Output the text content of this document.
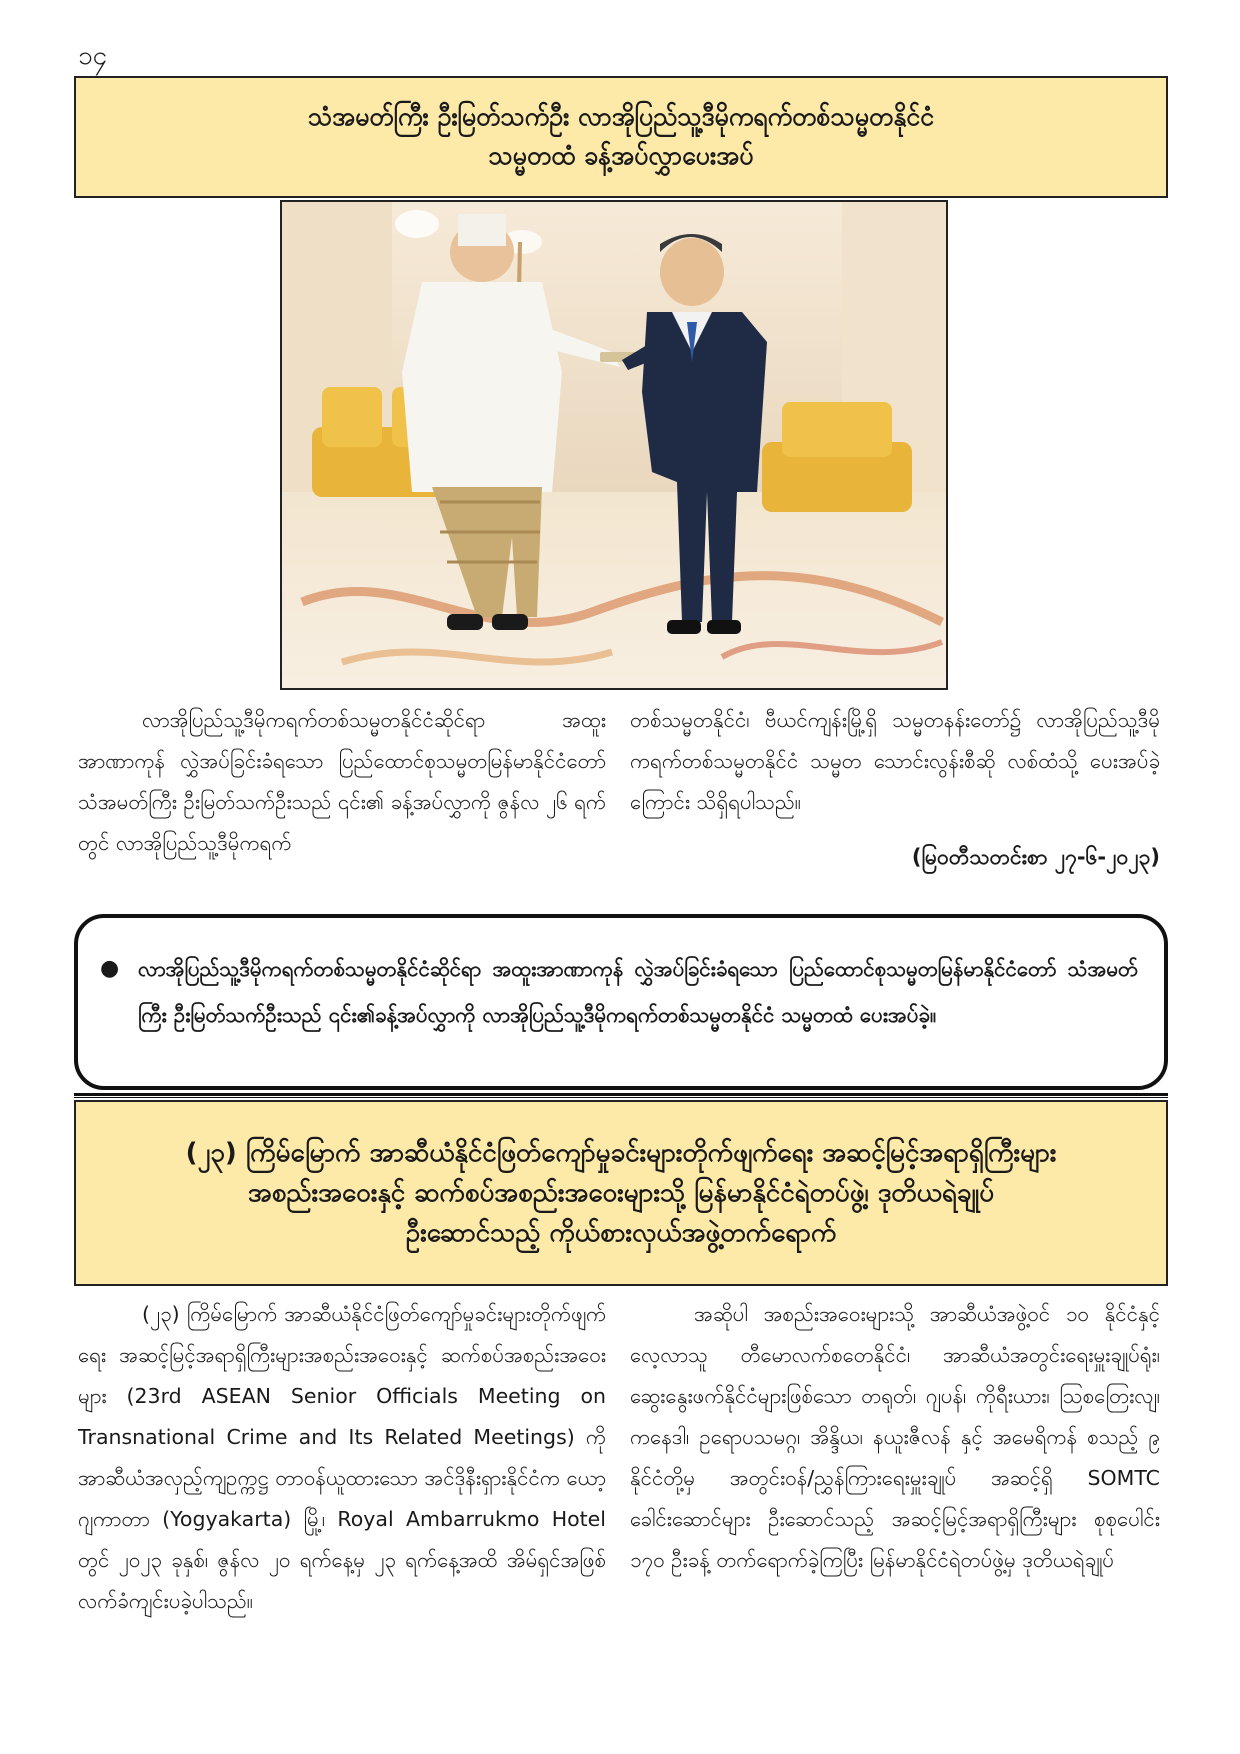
၁၄
သံအမတ်ကြီး ဦးမြတ်သက်ဦး လာအိုပြည်သူ့ဒီမိုကရက်တစ်သမ္မတနိုင်ငံ
သမ္မတထံ ခန့်အပ်လွှာပေးအပ်

လာအိုပြည်သူ့ဒီမိုကရက်တစ်သမ္မတနိုင်ငံဆိုင်ရာ အထူးအာဏာကုန် လွှဲအပ်ခြင်းခံရသော ပြည်ထောင်စုသမ္မတမြန်မာနိုင်ငံတော် သံအမတ်ကြီး ဦးမြတ်သက်ဦးသည် ၎င်း၏ ခန့်အပ်လွှာကို ဇွန်လ ၂၆ ရက်တွင် လာအိုပြည်သူ့ဒီမိုကရက်

တစ်သမ္မတနိုင်ငံ၊ ဗီယင်ကျန်းမြို့ရှိ သမ္မတနန်းတော်၌ လာအိုပြည်သူ့ဒီမိုကရက်တစ်သမ္မတနိုင်ငံ သမ္မတ သောင်းလွန်းစီဆို လစ်ထံသို့ ပေးအပ်ခဲ့ကြောင်း သိရှိရပါသည်။

(မြဝတီသတင်းစာ ၂၇-၆-၂၀၂၃)
● လာအိုပြည်သူ့ဒီမိုကရက်တစ်သမ္မတနိုင်ငံဆိုင်ရာ အထူးအာဏာကုန် လွှဲအပ်ခြင်းခံရသော ပြည်ထောင်စုသမ္မတမြန်မာနိုင်ငံတော် သံအမတ်ကြီး ဦးမြတ်သက်ဦးသည် ၎င်း၏ခန့်အပ်လွှာကို လာအိုပြည်သူ့ဒီမိုကရက်တစ်သမ္မတနိုင်ငံ သမ္မတထံ ပေးအပ်ခဲ့။
(၂၃) ကြိမ်မြောက် အာဆီယံနိုင်ငံဖြတ်ကျော်မှုခင်းများတိုက်ဖျက်ရေး အဆင့်မြင့်အရာရှိကြီးများ
အစည်းအဝေးနှင့် ဆက်စပ်အစည်းအဝေးများသို့ မြန်မာနိုင်ငံရဲတပ်ဖွဲ့၊ ဒုတိယရဲချုပ်
ဦးဆောင်သည့် ကိုယ်စားလှယ်အဖွဲ့တက်ရောက်

(၂၃) ကြိမ်မြောက် အာဆီယံနိုင်ငံဖြတ်ကျော်မှုခင်းများတိုက်ဖျက်ရေး အဆင့်မြင့်အရာရှိကြီးများအစည်းအဝေးနှင့် ဆက်စပ်အစည်းအဝေးများ (23rd ASEAN Senior Officials Meeting on Transnational Crime and Its Related Meetings) ကို အာဆီယံအလှည့်ကျဥက္ကဋ္ဌ တာဝန်ယူထားသော အင်ဒိုနီးရှားနိုင်ငံက ယော့ဂျကာတာ (Yogyakarta) မြို့၊ Royal Ambarrukmo Hotel တွင် ၂၀၂၃ ခုနှစ်၊ ဇွန်လ ၂၀ ရက်နေ့မှ ၂၃ ရက်နေ့အထိ အိမ်ရှင်အဖြစ် လက်ခံကျင်းပခဲ့ပါသည်။

အဆိုပါ အစည်းအဝေးများသို့ အာဆီယံအဖွဲ့ဝင် ၁၀ နိုင်ငံနှင့် လေ့လာသူ တီမောလက်စတေနိုင်ငံ၊ အာဆီယံအတွင်းရေးမှူးချုပ်ရုံး၊ ဆွေးနွေးဖက်နိုင်ငံများဖြစ်သော တရုတ်၊ ဂျပန်၊ ကိုရီးယား၊ ဩစတြေးလျ၊ ကနေဒါ၊ ဥရောပသမဂ္ဂ၊ အိန္ဒိယ၊ နယူးဇီလန် နှင့် အမေရိကန် စသည့် ၉ နိုင်ငံတို့မှ အတွင်းဝန်/ညွှန်ကြားရေးမှူးချုပ် အဆင့်ရှိ SOMTC ခေါင်းဆောင်များ ဦးဆောင်သည့် အဆင့်မြင့်အရာရှိကြီးများ စုစုပေါင်း ၁၇၀ ဦးခန့် တက်ရောက်ခဲ့ကြပြီး မြန်မာနိုင်ငံရဲတပ်ဖွဲ့မှ ဒုတိယရဲချုပ်
